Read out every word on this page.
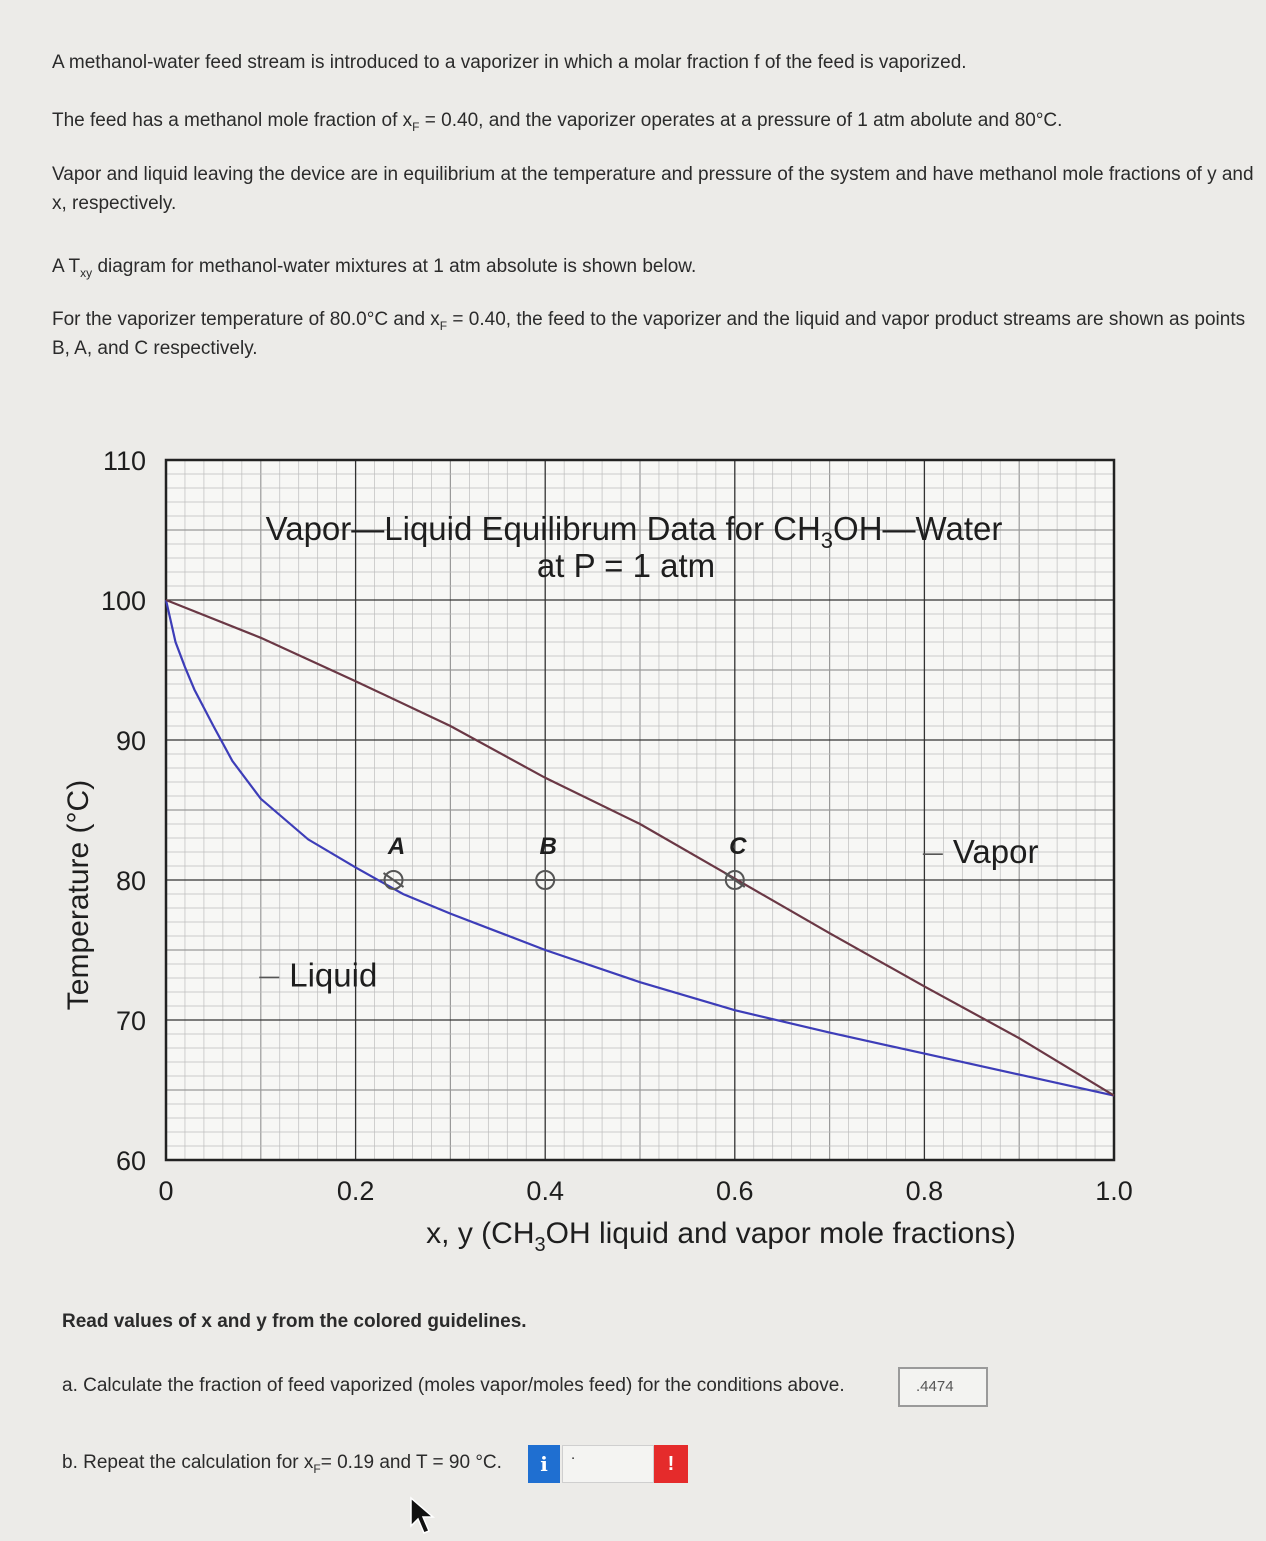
A methanol-water feed stream is introduced to a vaporizer in which a molar fraction f of the feed is vaporized.

The feed has a methanol mole fraction of $x_F = 0.40$, and the vaporizer operates at a pressure of 1 atm abolute and 80°C.

Vapor and liquid leaving the device are in equilibrium at the temperature and pressure of the system and have methanol mole fractions of y and x, respectively.

A $T_{xy}$ diagram for methanol-water mixtures at 1 atm absolute is shown below.

For the vaporizer temperature of 80.0°C and $x_F = 0.40$, the feed to the vaporizer and the liquid and vapor product streams are shown as points B, A, and C respectively.

A	B	C
Liquid
Vapor
0	0.2	0.4	0.6	0.8	1.0
60
70
80
90
100
110
Vapor—Liquid Equilibrum Data for $CH_3OH—Water$
at P = 1 atm
x, y ($CH_3OH$ liquid and vapor mole fractions)
Temperature (°C)

Read values of x and y from the colored guidelines.

a. Calculate the fraction of feed vaporized (moles vapor/moles feed) for the conditions above.	.4474

b. Repeat the calculation for $x_F= 0.19$ and T = 90 °C.	i	.	!
